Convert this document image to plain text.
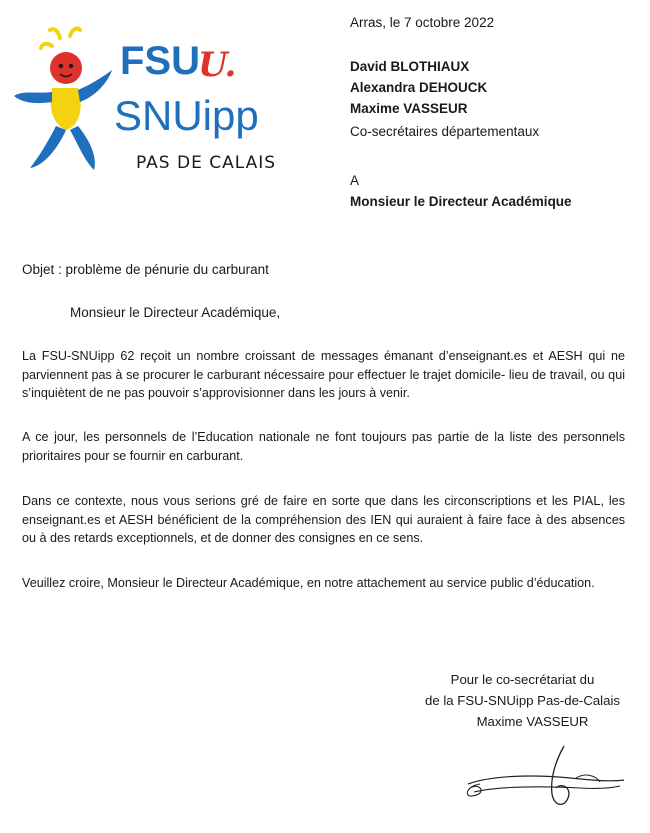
FSU
U.
SNUipp
PAS DE CALAIS
Arras, le 7 octobre 2022
David BLOTHIAUX
Alexandra DEHOUCK
Maxime VASSEUR
Co-secrétaires départementaux
A
Monsieur le Directeur Académique
Objet : problème de pénurie du carburant
Monsieur le Directeur Académique,
La FSU-SNUipp 62 reçoit un nombre croissant de messages émanant d’enseignant.es et AESH qui ne parviennent pas à se procurer le carburant nécessaire pour effectuer le trajet domicile- lieu de travail, ou qui s’inquiètent de ne pas pouvoir s’approvisionner dans les jours à venir.
A ce jour, les personnels de l’Education nationale ne font toujours pas partie de la liste des personnels prioritaires pour se fournir en carburant.
Dans ce contexte, nous vous serions gré de faire en sorte que dans les circonscriptions et les PIAL, les enseignant.es et AESH bénéficient de la compréhension des IEN qui auraient à faire face à des absences ou à des retards exceptionnels, et de donner des consignes en ce sens.
Veuillez croire, Monsieur le Directeur Académique, en notre attachement au service public d’éducation.
Pour le co-secrétariat du
de la FSU-SNUipp Pas-de-Calais
Maxime VASSEUR
